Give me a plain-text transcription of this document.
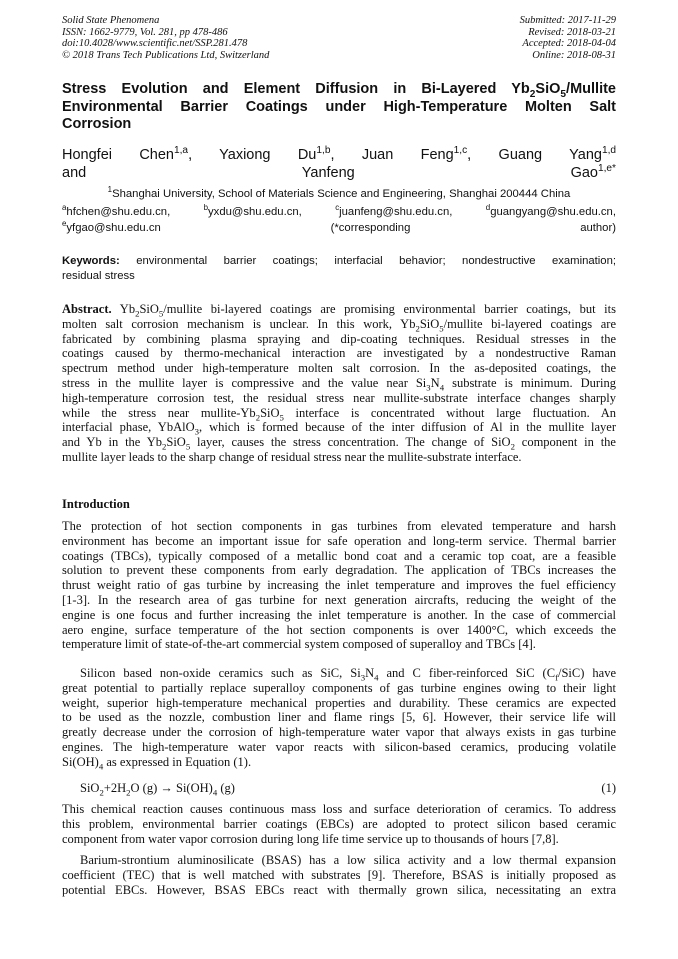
Solid State Phenomena
ISSN: 1662-9779, Vol. 281, pp 478-486
doi:10.4028/www.scientific.net/SSP.281.478
© 2018 Trans Tech Publications Ltd, Switzerland
Submitted: 2017-11-29
Revised: 2018-03-21
Accepted: 2018-04-04
Online: 2018-08-31
Stress Evolution and Element Diffusion in Bi-Layered $Yb_2SiO_5$/Mullite
Environmental Barrier Coatings under High-Temperature Molten Salt
Corrosion
Hongfei Chen$^{1,a}$, Yaxiong Du$^{1,b}$, Juan Feng$^{1,c}$, Guang Yang$^{1,d}$
and Yanfeng Gao$^{1,e*}$
$^1$Shanghai University, School of Materials Science and Engineering, Shanghai 200444 China
$^a$hfchen@shu.edu.cn, $^b$yxdu@shu.edu.cn, $^c$juanfeng@shu.edu.cn, $^d$guangyang@shu.edu.cn,
$^e$yfgao@shu.edu.cn (*corresponding author)
Keywords: environmental barrier coatings; interfacial behavior; nondestructive examination;
residual stress
Abstract. $Yb_2SiO_5$/mullite bi-layered coatings are promising environmental barrier coatings, but its
molten salt corrosion mechanism is unclear. In this work, $Yb_2SiO_5$/mullite bi-layered coatings are
fabricated by combining plasma spraying and dip-coating techniques. Residual stresses in the
coatings caused by thermo-mechanical interaction are investigated by a nondestructive Raman
spectrum method under high-temperature molten salt corrosion. In the as-deposited coatings, the
stress in the mullite layer is compressive and the value near $Si_3N_4$ substrate is minimum. During
high-temperature corrosion test, the residual stress near mullite-substrate interface changes sharply
while the stress near mullite-$Yb_2SiO_5$ interface is concentrated without large fluctuation. An
interfacial phase, YbAlO$_3$, which is formed because of the inter diffusion of Al in the mullite layer
and Yb in the $Yb_2SiO_5$ layer, causes the stress concentration. The change of SiO$_2$ component in the
mullite layer leads to the sharp change of residual stress near the mullite-substrate interface.
Introduction
The protection of hot section components in gas turbines from elevated temperature and harsh
environment has become an important issue for safe operation and long-term service. Thermal barrier
coatings (TBCs), typically composed of a metallic bond coat and a ceramic top coat, are a feasible
solution to prevent these components from early degradation. The application of TBCs increases the
thrust weight ratio of gas turbine by increasing the inlet temperature and improves the fuel efficiency
[1-3]. In the research area of gas turbine for next generation aircrafts, reducing the weight of the
engine is one focus and further increasing the inlet temperature is another. In the case of commercial
aero engine, surface temperature of the hot section components is over 1400°C, which exceeds the
temperature limit of state-of-the-art commercial system composed of superalloy and TBCs [4].
Silicon based non-oxide ceramics such as SiC, $Si_3N_4$ and C fiber-reinforced SiC $(C_f/SiC)$ have
great potential to partially replace superalloy components of gas turbine engines owing to their light
weight, superior high-temperature mechanical properties and durability. These ceramics are expected
to be used as the nozzle, combustion liner and flame rings [5, 6]. However, their service life will
greatly decrease under the corrosion of high-temperature water vapor that always exists in gas turbine
engines. The high-temperature water vapor reacts with silicon-based ceramics, producing volatile
$Si(OH)_4$ as expressed in Equation (1).
$SiO_2+2H_2O$ $(g) \to Si(OH)_4$ (g)	(1)
This chemical reaction causes continuous mass loss and surface deterioration of ceramics. To address
this problem, environmental barrier coatings (EBCs) are adopted to protect silicon based ceramic
component from water vapor corrosion during long life time service up to thousands of hours [7,8].
Barium-strontium aluminosilicate (BSAS) has a low silica activity and a low thermal expansion
coefficient (TEC) that is well matched with substrates [9]. Therefore, BSAS is initially proposed as
potential EBCs. However, BSAS EBCs react with thermally grown silica, necessitating an extra
